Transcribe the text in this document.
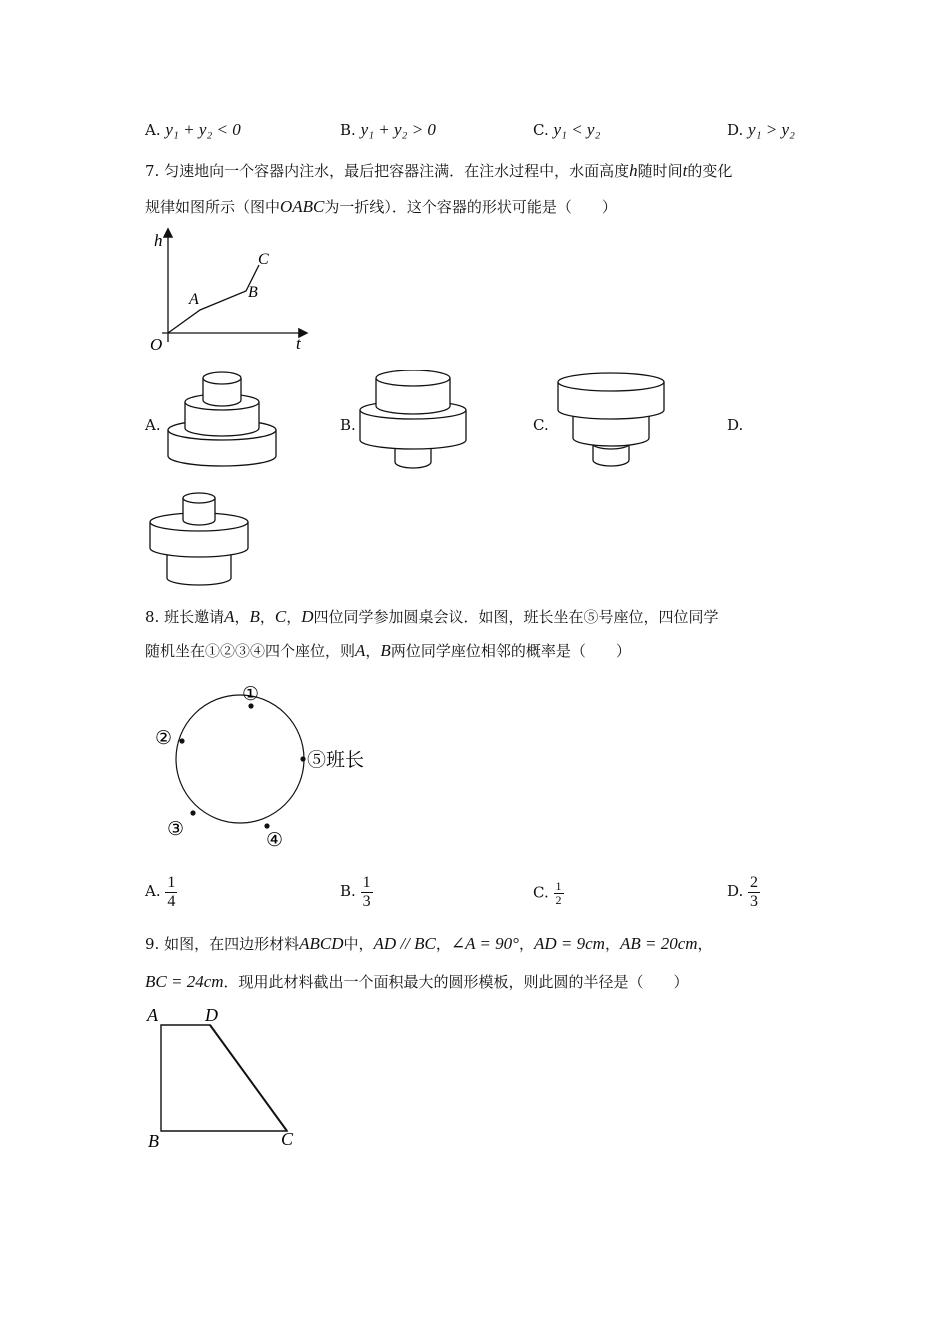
A. y₁ + y₂ < 0	B. y₁ + y₂ > 0	C. y₁ < y₂	D. y₁ > y₂
7. 匀速地向一个容器内注水，最后把容器注满．在注水过程中，水面高度h随时间t的变化
规律如图所示（图中OABC为一折线）．这个容器的形状可能是（　　）
h
t
O
A	B
C
A.	B.	C.	D.
8. 班长邀请A，B，C，D四位同学参加圆桌会议．如图，班长坐在⑤号座位，四位同学
随机坐在①②③④四个座位，则A，B两位同学座位相邻的概率是（　　）
①
②
③
④
⑤班长
A. $\frac{1}{4}$	B. $\frac{1}{3}$	C. $\frac{1}{2}$	D. $\frac{2}{3}$
9. 如图，在四边形材料ABCD中，AD // BC，∠A = 90°，AD = 9cm，AB = 20cm，
BC = 24cm．现用此材料截出一个面积最大的圆形模板，则此圆的半径是（　　）
A	D
B	C
